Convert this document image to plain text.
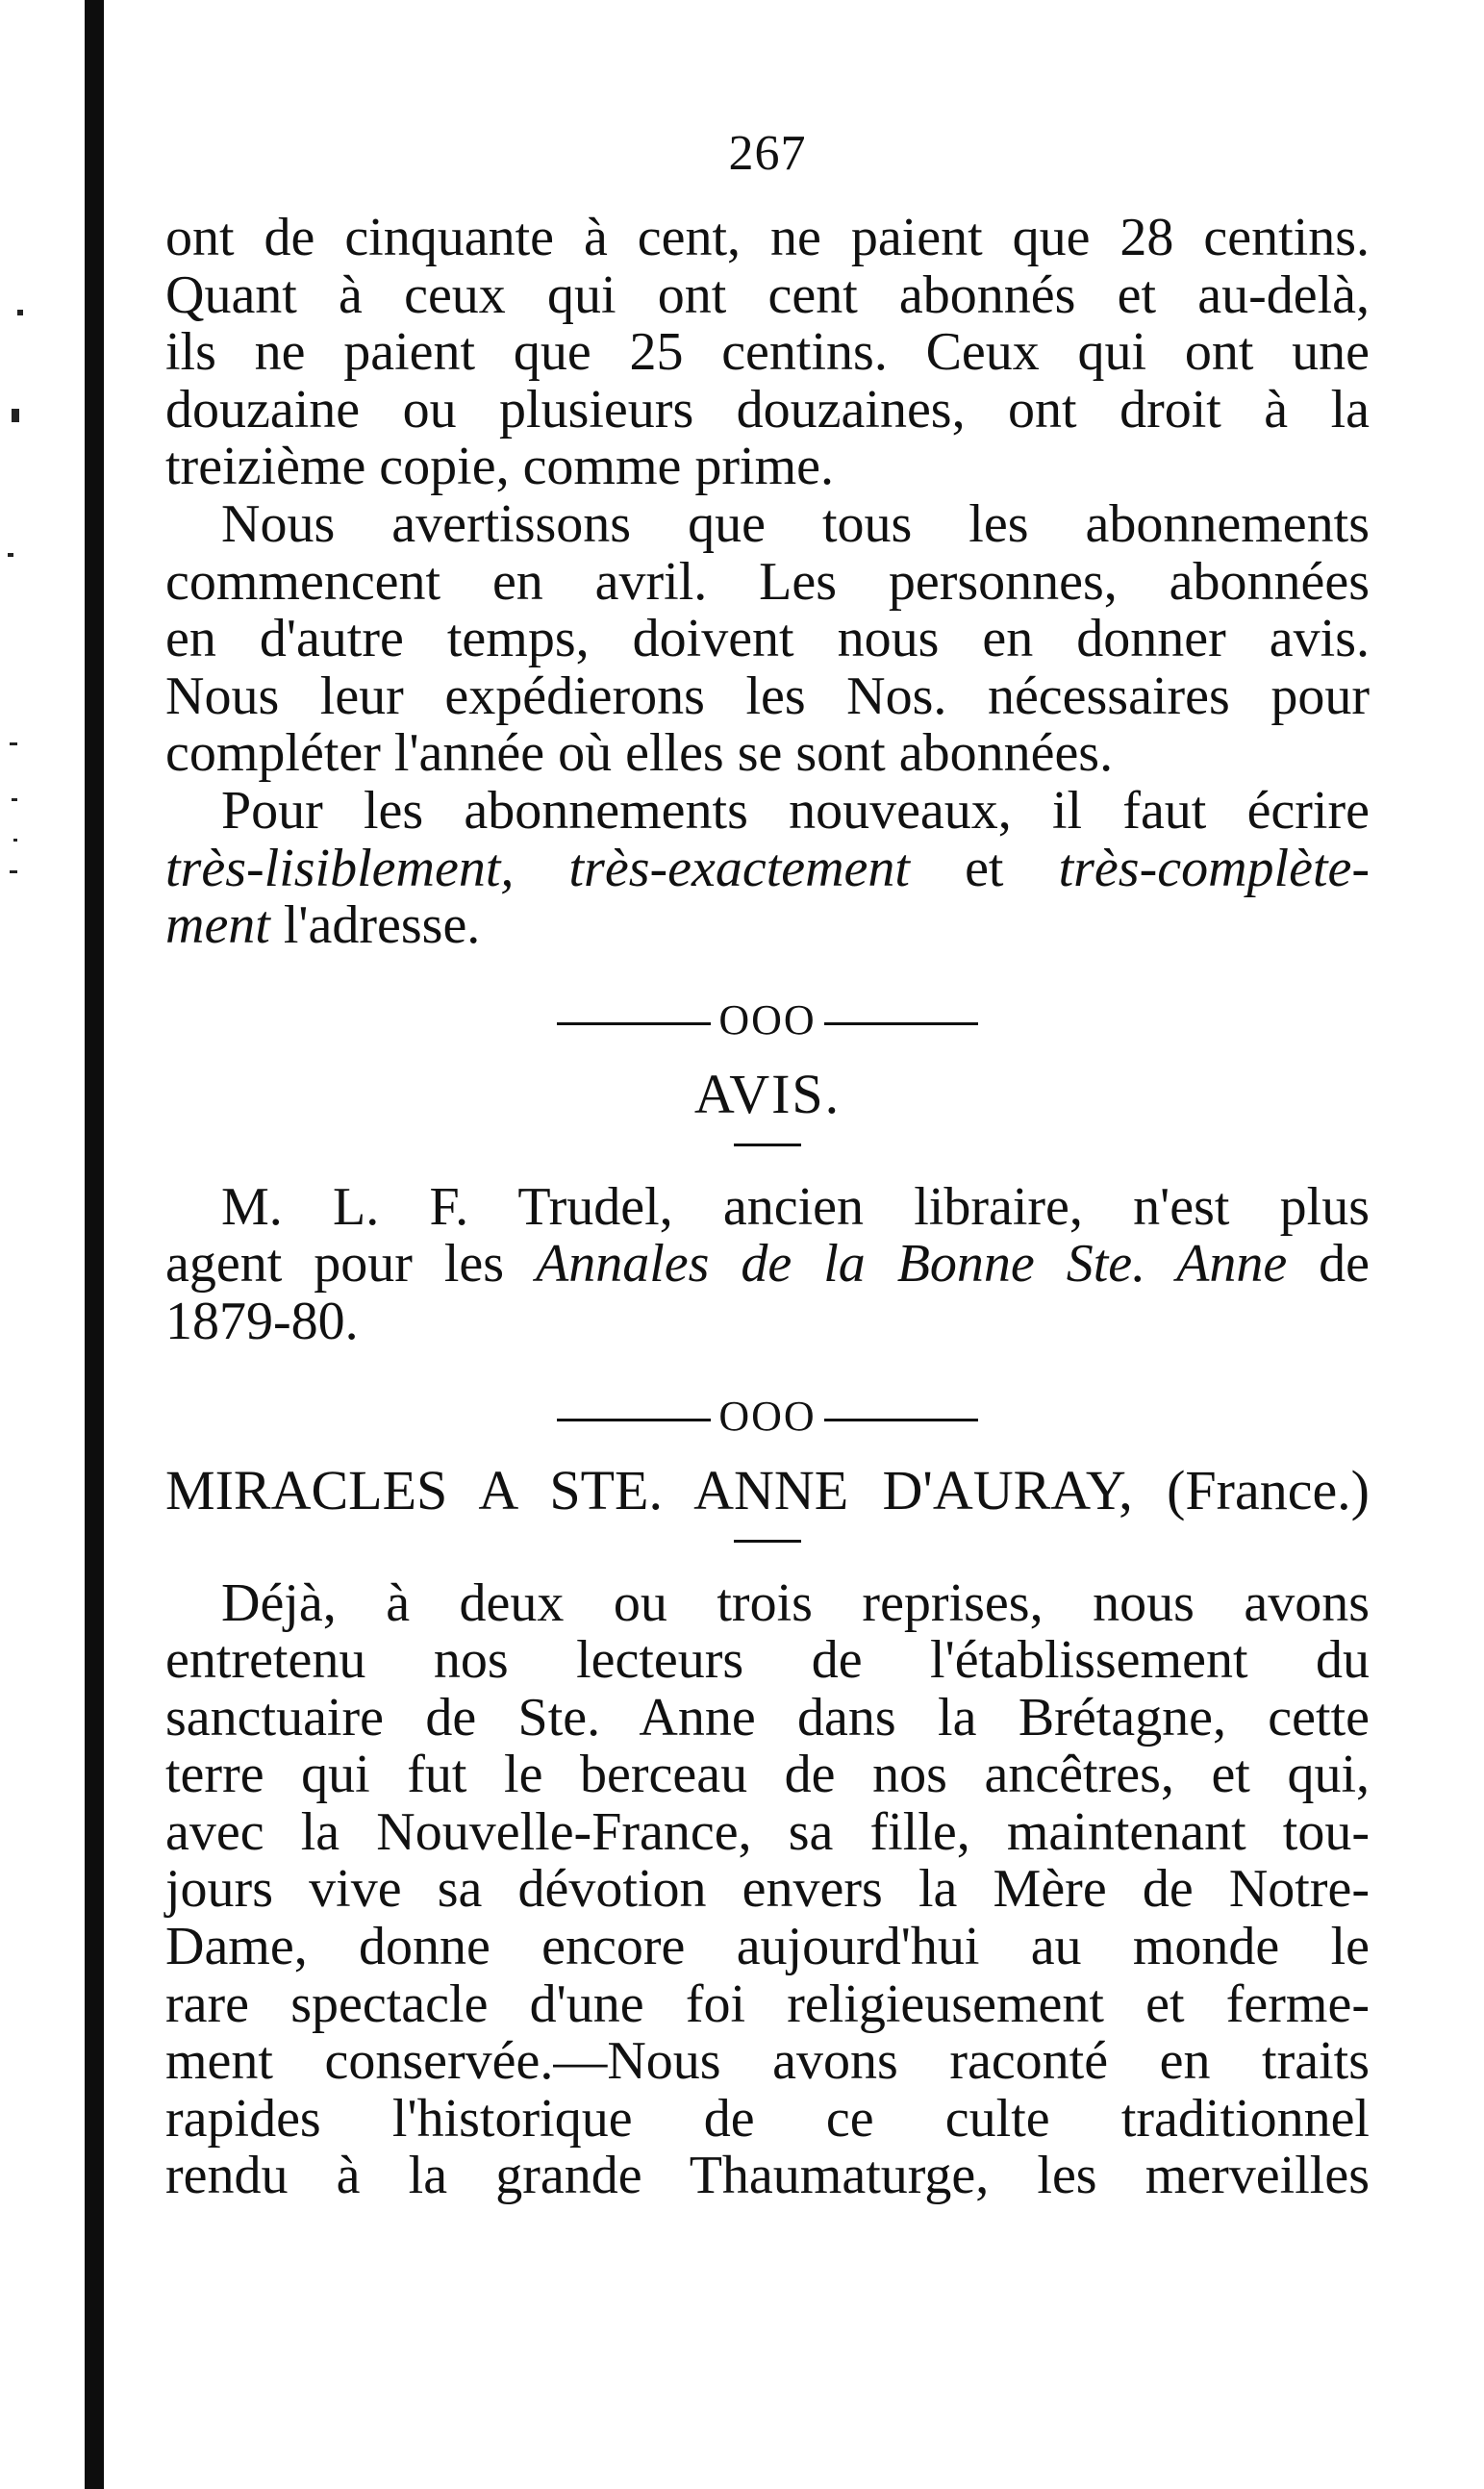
267

ont de cinquante à cent, ne paient que 28 centins.
Quant à ceux qui ont cent abonnés et au-delà,
ils ne paient que 25 centins. Ceux qui ont une
douzaine ou plusieurs douzaines, ont droit à la
treizième copie, comme prime.

Nous avertissons que tous les abonnements
commencent en avril. Les personnes, abonnées
en d'autre temps, doivent nous en donner avis.
Nous leur expédierons les Nos. nécessaires pour
compléter l'année où elles se sont abonnées.

Pour les abonnements nouveaux, il faut écrire
très-lisiblement, très-exactement et très-complète-
ment l'adresse.

OOO
AVIS.

M. L. F. Trudel, ancien libraire, n'est plus
agent pour les Annales de la Bonne Ste. Anne de
1879-80.

OOO
MIRACLES A STE. ANNE D'AURAY, (France.)

Déjà, à deux ou trois reprises, nous avons
entretenu nos lecteurs de l'établissement du
sanctuaire de Ste. Anne dans la Brétagne, cette
terre qui fut le berceau de nos ancêtres, et qui,
avec la Nouvelle-France, sa fille, maintenant tou-
jours vive sa dévotion envers la Mère de Notre-
Dame, donne encore aujourd'hui au monde le
rare spectacle d'une foi religieusement et ferme-
ment conservée.—Nous avons raconté en traits
rapides l'historique de ce culte traditionnel
rendu à la grande Thaumaturge, les merveilles
